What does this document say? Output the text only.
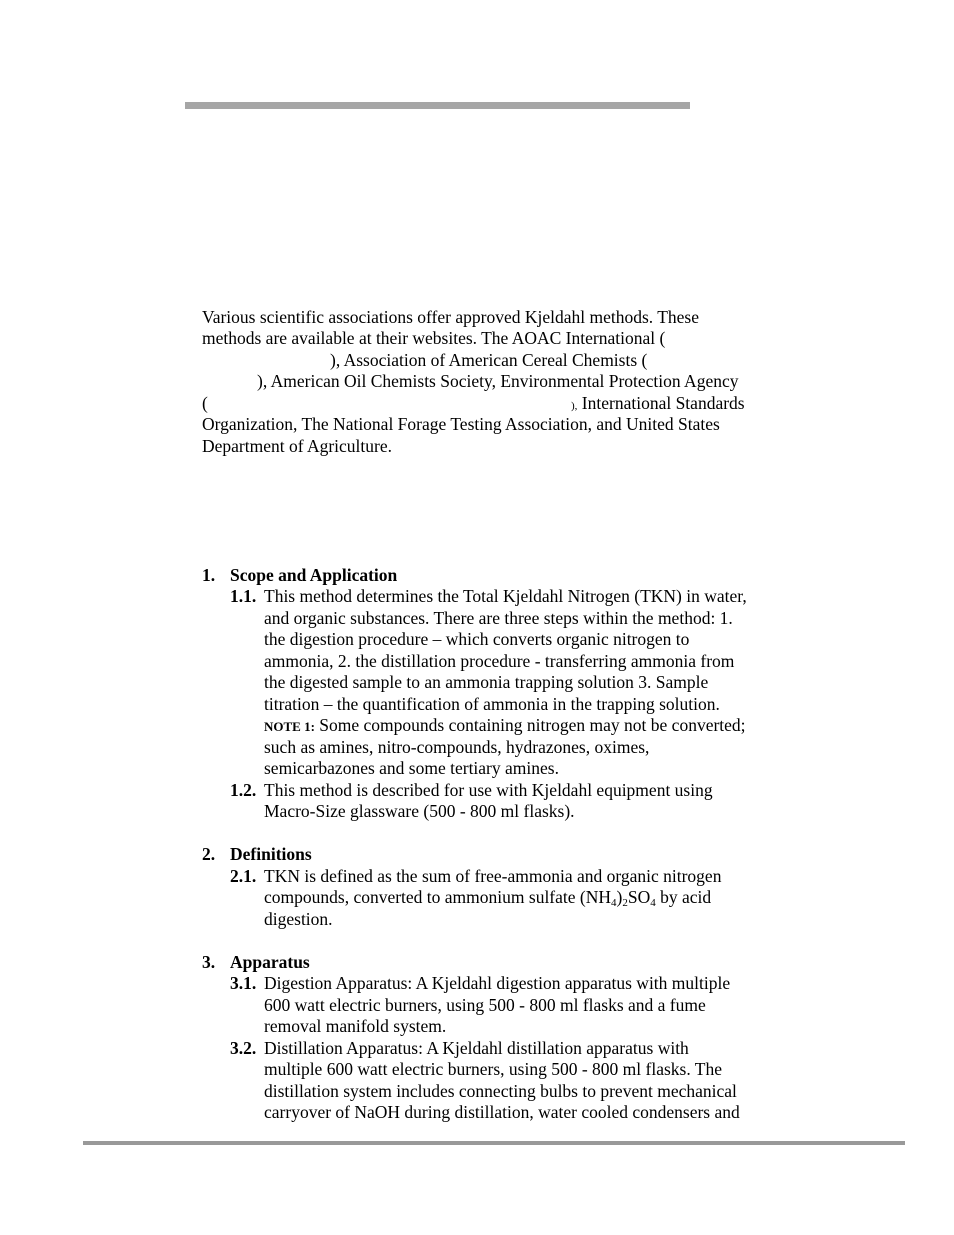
Various scientific associations offer approved Kjeldahl methods. These
methods are available at their websites. The AOAC International (
), Association of American Cereal Chemists (
), American Oil Chemists Society, Environmental Protection Agency
(	), International Standards
Organization, The National Forage Testing Association, and United States
Department of Agriculture.
1. Scope and Application
1.1. This method determines the Total Kjeldahl Nitrogen (TKN) in water,
and organic substances. There are three steps within the method: 1.
the digestion procedure – which converts organic nitrogen to
ammonia, 2. the distillation procedure - transferring ammonia from
the digested sample to an ammonia trapping solution 3. Sample
titration – the quantification of ammonia in the trapping solution.
NOTE 1: Some compounds containing nitrogen may not be converted;
such as amines, nitro-compounds, hydrazones, oximes,
semicarbazones and some tertiary amines.
1.2. This method is described for use with Kjeldahl equipment using
Macro-Size glassware (500 - 800 ml flasks).
2. Definitions
2.1. TKN is defined as the sum of free-ammonia and organic nitrogen
compounds, converted to ammonium sulfate $(NH_4)_2SO_4$ by acid
digestion.
3. Apparatus
3.1. Digestion Apparatus: A Kjeldahl digestion apparatus with multiple
600 watt electric burners, using 500 - 800 ml flasks and a fume
removal manifold system.
3.2. Distillation Apparatus: A Kjeldahl distillation apparatus with
multiple 600 watt electric burners, using 500 - 800 ml flasks. The
distillation system includes connecting bulbs to prevent mechanical
carryover of NaOH during distillation, water cooled condensers and
